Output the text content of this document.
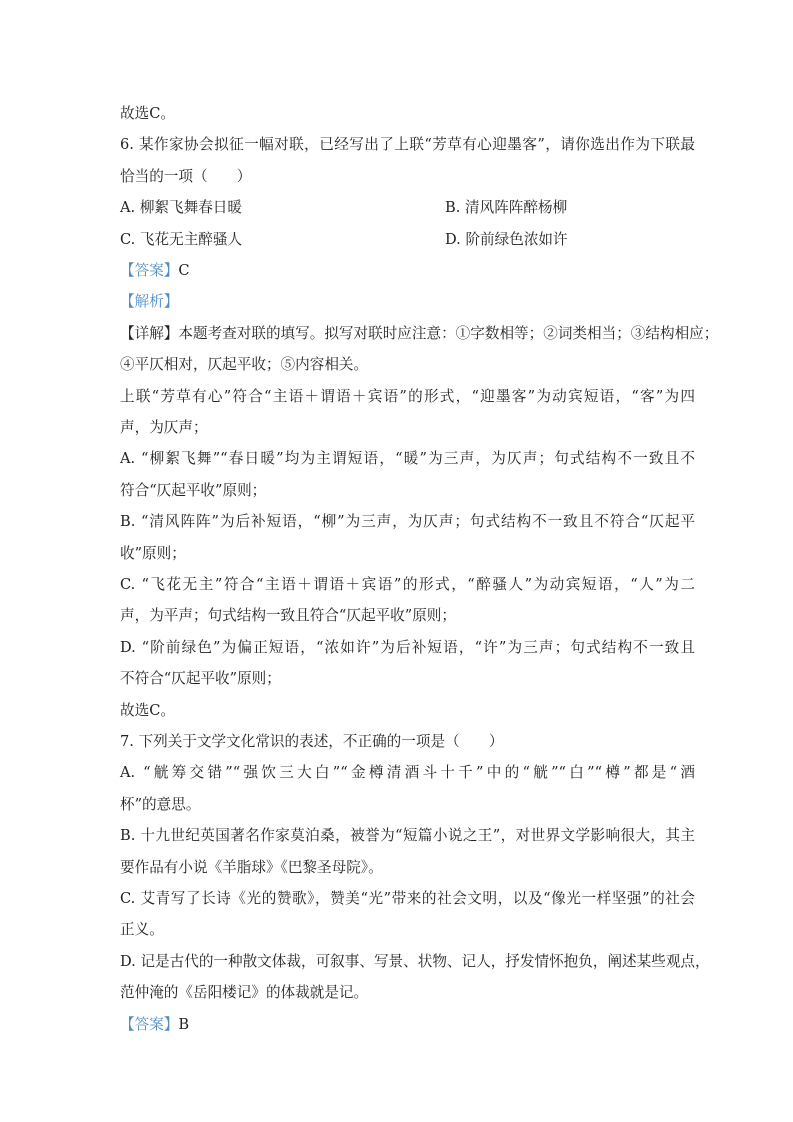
故选C。
6. 某作家协会拟征一幅对联，已经写出了上联“芳草有心迎墨客”，请你选出作为下联最
恰当的一项（　　）
A. 柳絮飞舞春日暖	B. 清风阵阵醉杨柳
C. 飞花无主醉骚人	D. 阶前绿色浓如许
【答案】C
【解析】
【详解】本题考查对联的填写。拟写对联时应注意：①字数相等；②词类相当；③结构相应；
④平仄相对，仄起平收；⑤内容相关。
上联“芳草有心”符合“主语＋谓语＋宾语”的形式，“迎墨客”为动宾短语，“客”为四
声，为仄声；
A. “柳絮飞舞”“春日暖”均为主谓短语，“暖”为三声，为仄声；句式结构不一致且不
符合“仄起平收”原则；
B. “清风阵阵”为后补短语，“柳”为三声，为仄声；句式结构不一致且不符合“仄起平
收”原则；
C. “飞花无主”符合“主语＋谓语＋宾语”的形式，“醉骚人”为动宾短语，“人”为二
声，为平声；句式结构一致且符合“仄起平收”原则；
D. “阶前绿色”为偏正短语，“浓如许”为后补短语，“许”为三声；句式结构不一致且
不符合“仄起平收”原则；
故选C。
7. 下列关于文学文化常识的表述，不正确的一项是（　　）
A. “觥筹交错”“强饮三大白”“金樽清酒斗十千”中的“觥”“白”“樽”都是“酒
杯”的意思。
B. 十九世纪英国著名作家莫泊桑，被誉为“短篇小说之王”，对世界文学影响很大，其主
要作品有小说《羊脂球》《巴黎圣母院》。
C. 艾青写了长诗《光的赞歌》，赞美“光”带来的社会文明，以及“像光一样坚强”的社会
正义。
D. 记是古代的一种散文体裁，可叙事、写景、状物、记人，抒发情怀抱负，阐述某些观点，
范仲淹的《岳阳楼记》的体裁就是记。
【答案】B
